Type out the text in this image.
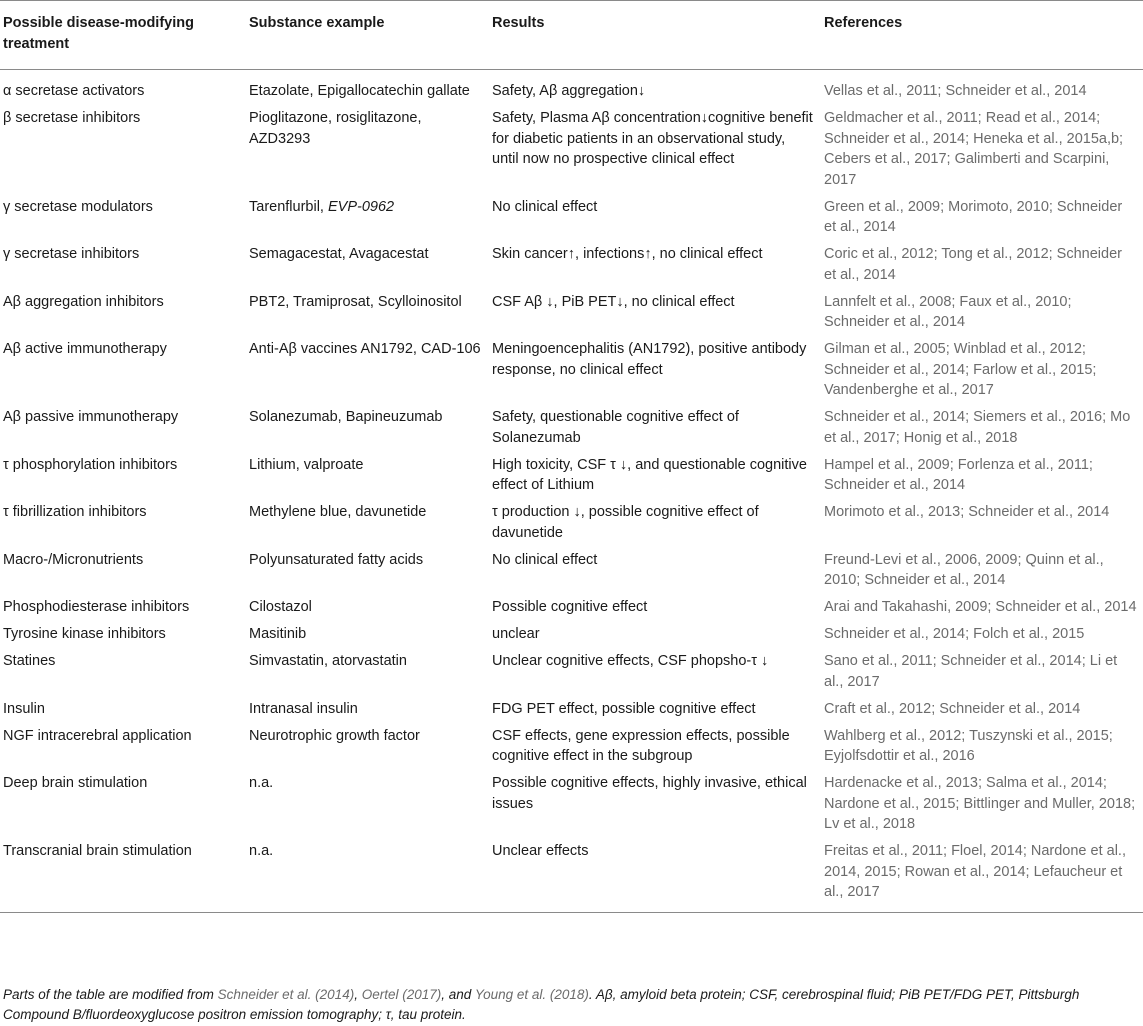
Possible disease-modifying treatment	Substance example	Results	References
α secretase activators	Etazolate, Epigallocatechin gallate	Safety, Aβ aggregation↓	Vellas et al., 2011; Schneider et al., 2014
β secretase inhibitors	Pioglitazone, rosiglitazone, AZD3293	Safety, Plasma Aβ concentration↓cognitive benefit for diabetic patients in an observational study, until now no prospective clinical effect	Geldmacher et al., 2011; Read et al., 2014; Schneider et al., 2014; Heneka et al., 2015a,b; Cebers et al., 2017; Galimberti and Scarpini, 2017
γ secretase modulators	Tarenflurbil, EVP-0962	No clinical effect	Green et al., 2009; Morimoto, 2010; Schneider et al., 2014
γ secretase inhibitors	Semagacestat, Avagacestat	Skin cancer↑, infections↑, no clinical effect	Coric et al., 2012; Tong et al., 2012; Schneider et al., 2014
Aβ aggregation inhibitors	PBT2, Tramiprosat, Scylloinositol	CSF Aβ ↓, PiB PET↓, no clinical effect	Lannfelt et al., 2008; Faux et al., 2010; Schneider et al., 2014
Aβ active immunotherapy	Anti-Aβ vaccines AN1792, CAD-106	Meningoencephalitis (AN1792), positive antibody response, no clinical effect	Gilman et al., 2005; Winblad et al., 2012; Schneider et al., 2014; Farlow et al., 2015; Vandenberghe et al., 2017
Aβ passive immunotherapy	Solanezumab, Bapineuzumab	Safety, questionable cognitive effect of Solanezumab	Schneider et al., 2014; Siemers et al., 2016; Mo et al., 2017; Honig et al., 2018
τ phosphorylation inhibitors	Lithium, valproate	High toxicity, CSF τ ↓, and questionable cognitive effect of Lithium	Hampel et al., 2009; Forlenza et al., 2011; Schneider et al., 2014
τ fibrillization inhibitors	Methylene blue, davunetide	τ production ↓, possible cognitive effect of davunetide	Morimoto et al., 2013; Schneider et al., 2014
Macro-/Micronutrients	Polyunsaturated fatty acids	No clinical effect	Freund-Levi et al., 2006, 2009; Quinn et al., 2010; Schneider et al., 2014
Phosphodiesterase inhibitors	Cilostazol	Possible cognitive effect	Arai and Takahashi, 2009; Schneider et al., 2014
Tyrosine kinase inhibitors	Masitinib	unclear	Schneider et al., 2014; Folch et al., 2015
Statines	Simvastatin, atorvastatin	Unclear cognitive effects, CSF phopsho-τ ↓	Sano et al., 2011; Schneider et al., 2014; Li et al., 2017
Insulin	Intranasal insulin	FDG PET effect, possible cognitive effect	Craft et al., 2012; Schneider et al., 2014
NGF intracerebral application	Neurotrophic growth factor	CSF effects, gene expression effects, possible cognitive effect in the subgroup	Wahlberg et al., 2012; Tuszynski et al., 2015; Eyjolfsdottir et al., 2016
Deep brain stimulation	n.a.	Possible cognitive effects, highly invasive, ethical issues	Hardenacke et al., 2013; Salma et al., 2014; Nardone et al., 2015; Bittlinger and Muller, 2018; Lv et al., 2018
Transcranial brain stimulation	n.a.	Unclear effects	Freitas et al., 2011; Floel, 2014; Nardone et al., 2014, 2015; Rowan et al., 2014; Lefaucheur et al., 2017
Parts of the table are modified from Schneider et al. (2014), Oertel (2017), and Young et al. (2018). Aβ, amyloid beta protein; CSF, cerebrospinal fluid; PiB PET/FDG PET, Pittsburgh Compound B/fluordeoxyglucose positron emission tomography; τ, tau protein.
